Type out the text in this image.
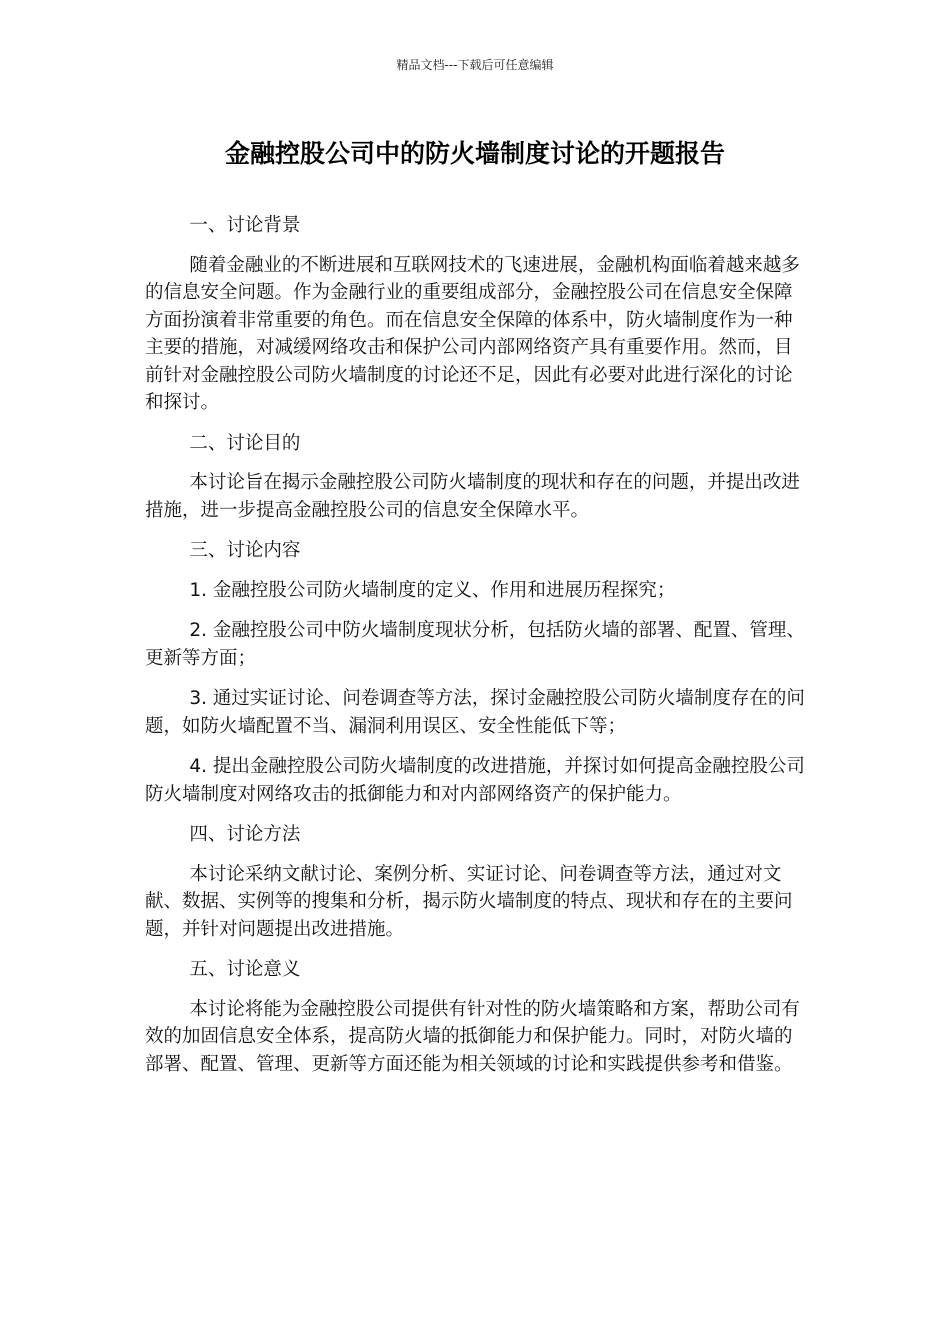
精品文档---下载后可任意编辑
金融控股公司中的防火墙制度讨论的开题报告

一、讨论背景

随着金融业的不断进展和互联网技术的飞速进展，金融机构面临着越来越多的信息安全问题。作为金融行业的重要组成部分，金融控股公司在信息安全保障方面扮演着非常重要的角色。而在信息安全保障的体系中，防火墙制度作为一种主要的措施，对减缓网络攻击和保护公司内部网络资产具有重要作用。然而，目前针对金融控股公司防火墙制度的讨论还不足，因此有必要对此进行深化的讨论和探讨。

二、讨论目的

本讨论旨在揭示金融控股公司防火墙制度的现状和存在的问题，并提出改进措施，进一步提高金融控股公司的信息安全保障水平。

三、讨论内容

1. 金融控股公司防火墙制度的定义、作用和进展历程探究；

2. 金融控股公司中防火墙制度现状分析，包括防火墙的部署、配置、管理、更新等方面；

3. 通过实证讨论、问卷调查等方法，探讨金融控股公司防火墙制度存在的问题，如防火墙配置不当、漏洞利用误区、安全性能低下等；

4. 提出金融控股公司防火墙制度的改进措施，并探讨如何提高金融控股公司防火墙制度对网络攻击的抵御能力和对内部网络资产的保护能力。

四、讨论方法

本讨论采纳文献讨论、案例分析、实证讨论、问卷调查等方法，通过对文献、数据、实例等的搜集和分析，揭示防火墙制度的特点、现状和存在的主要问题，并针对问题提出改进措施。

五、讨论意义

本讨论将能为金融控股公司提供有针对性的防火墙策略和方案，帮助公司有效的加固信息安全体系，提高防火墙的抵御能力和保护能力。同时，对防火墙的部署、配置、管理、更新等方面还能为相关领域的讨论和实践提供参考和借鉴。
